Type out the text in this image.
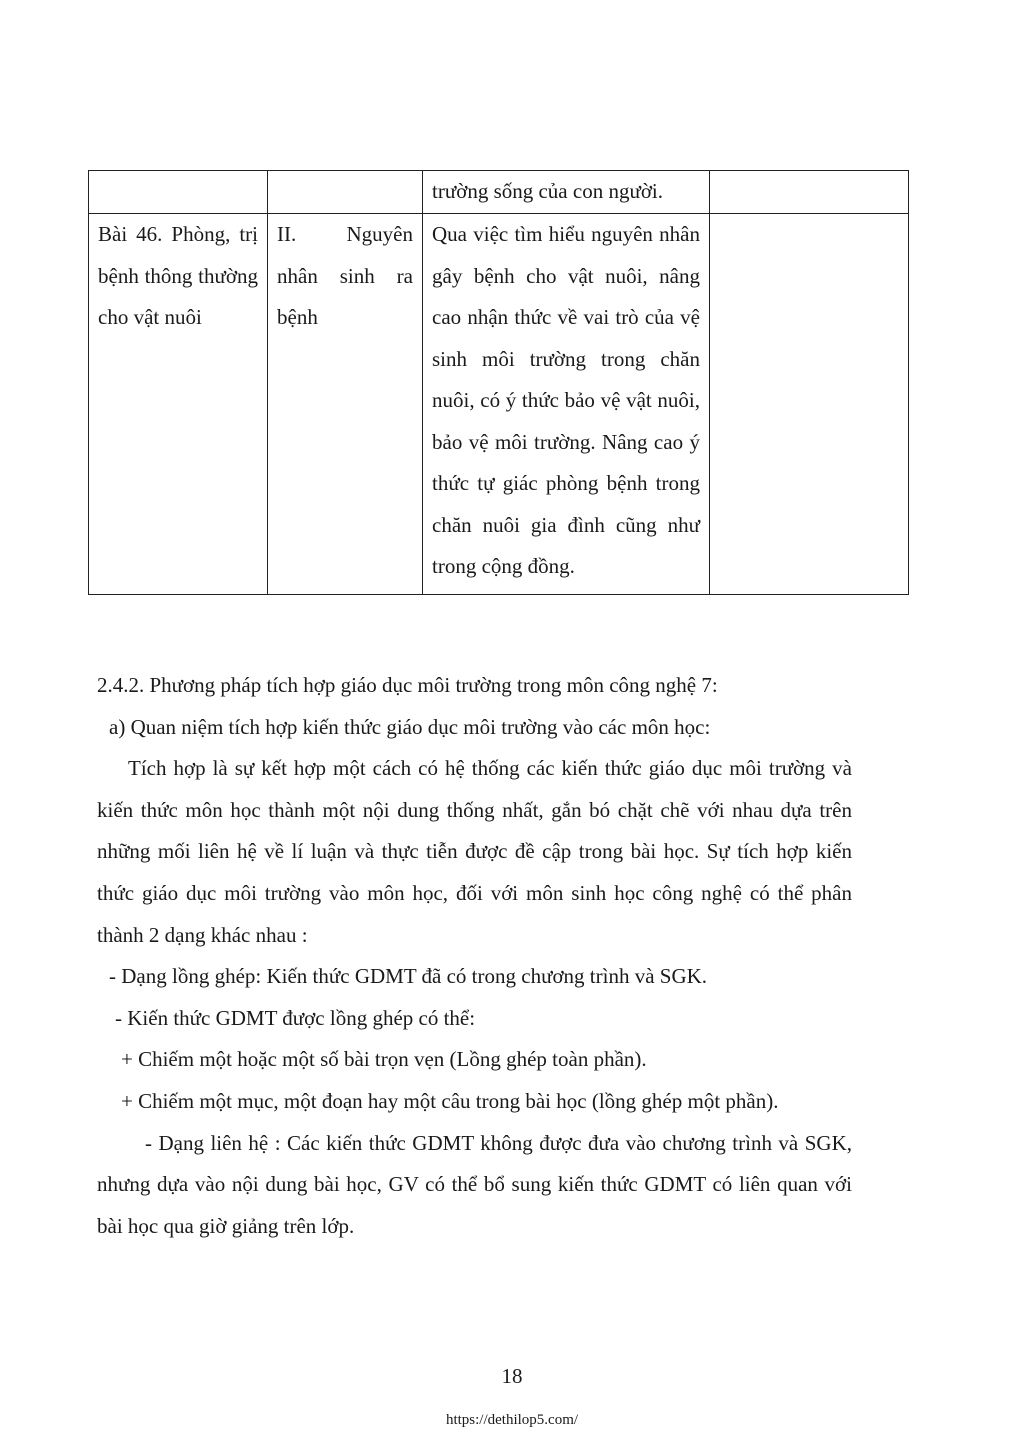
		trường sống của con người.	
Bài 46. Phòng, trị bệnh thông thường cho vật nuôi	II. Nguyên nhân sinh ra bệnh	Qua việc tìm hiểu nguyên nhân gây bệnh cho vật nuôi, nâng cao nhận thức về vai trò của vệ sinh môi trường trong chăn nuôi, có ý thức bảo vệ vật nuôi, bảo vệ môi trường. Nâng cao ý thức tự giác phòng bệnh trong chăn nuôi gia đình cũng như trong cộng đồng.	

2.4.2. Phương pháp tích hợp giáo dục môi trường trong môn công nghệ 7:

a) Quan niệm tích hợp kiến thức giáo dục môi trường vào các môn học:

Tích hợp là sự kết hợp một cách có hệ thống các kiến thức giáo dục môi trường và kiến thức môn học thành một nội dung thống nhất, gắn bó chặt chẽ với nhau dựa trên những mối liên hệ về lí luận và thực tiễn được đề cập trong bài học. Sự tích hợp kiến thức giáo dục môi trường vào môn học, đối với môn sinh học công nghệ có thể phân thành 2 dạng khác nhau :

- Dạng lồng ghép: Kiến thức GDMT đã có trong chương trình và SGK.

- Kiến thức GDMT được lồng ghép có thể:

+ Chiếm một hoặc một số bài trọn vẹn (Lồng ghép toàn phần).

+ Chiếm một mục, một đoạn hay một câu trong bài học (lồng ghép một phần).

- Dạng liên hệ : Các kiến thức GDMT không được đưa vào chương trình và SGK, nhưng dựa vào nội dung bài học, GV có thể bổ sung kiến thức GDMT có liên quan với bài học qua giờ giảng trên lớp.

18
https://dethilop5.com/
